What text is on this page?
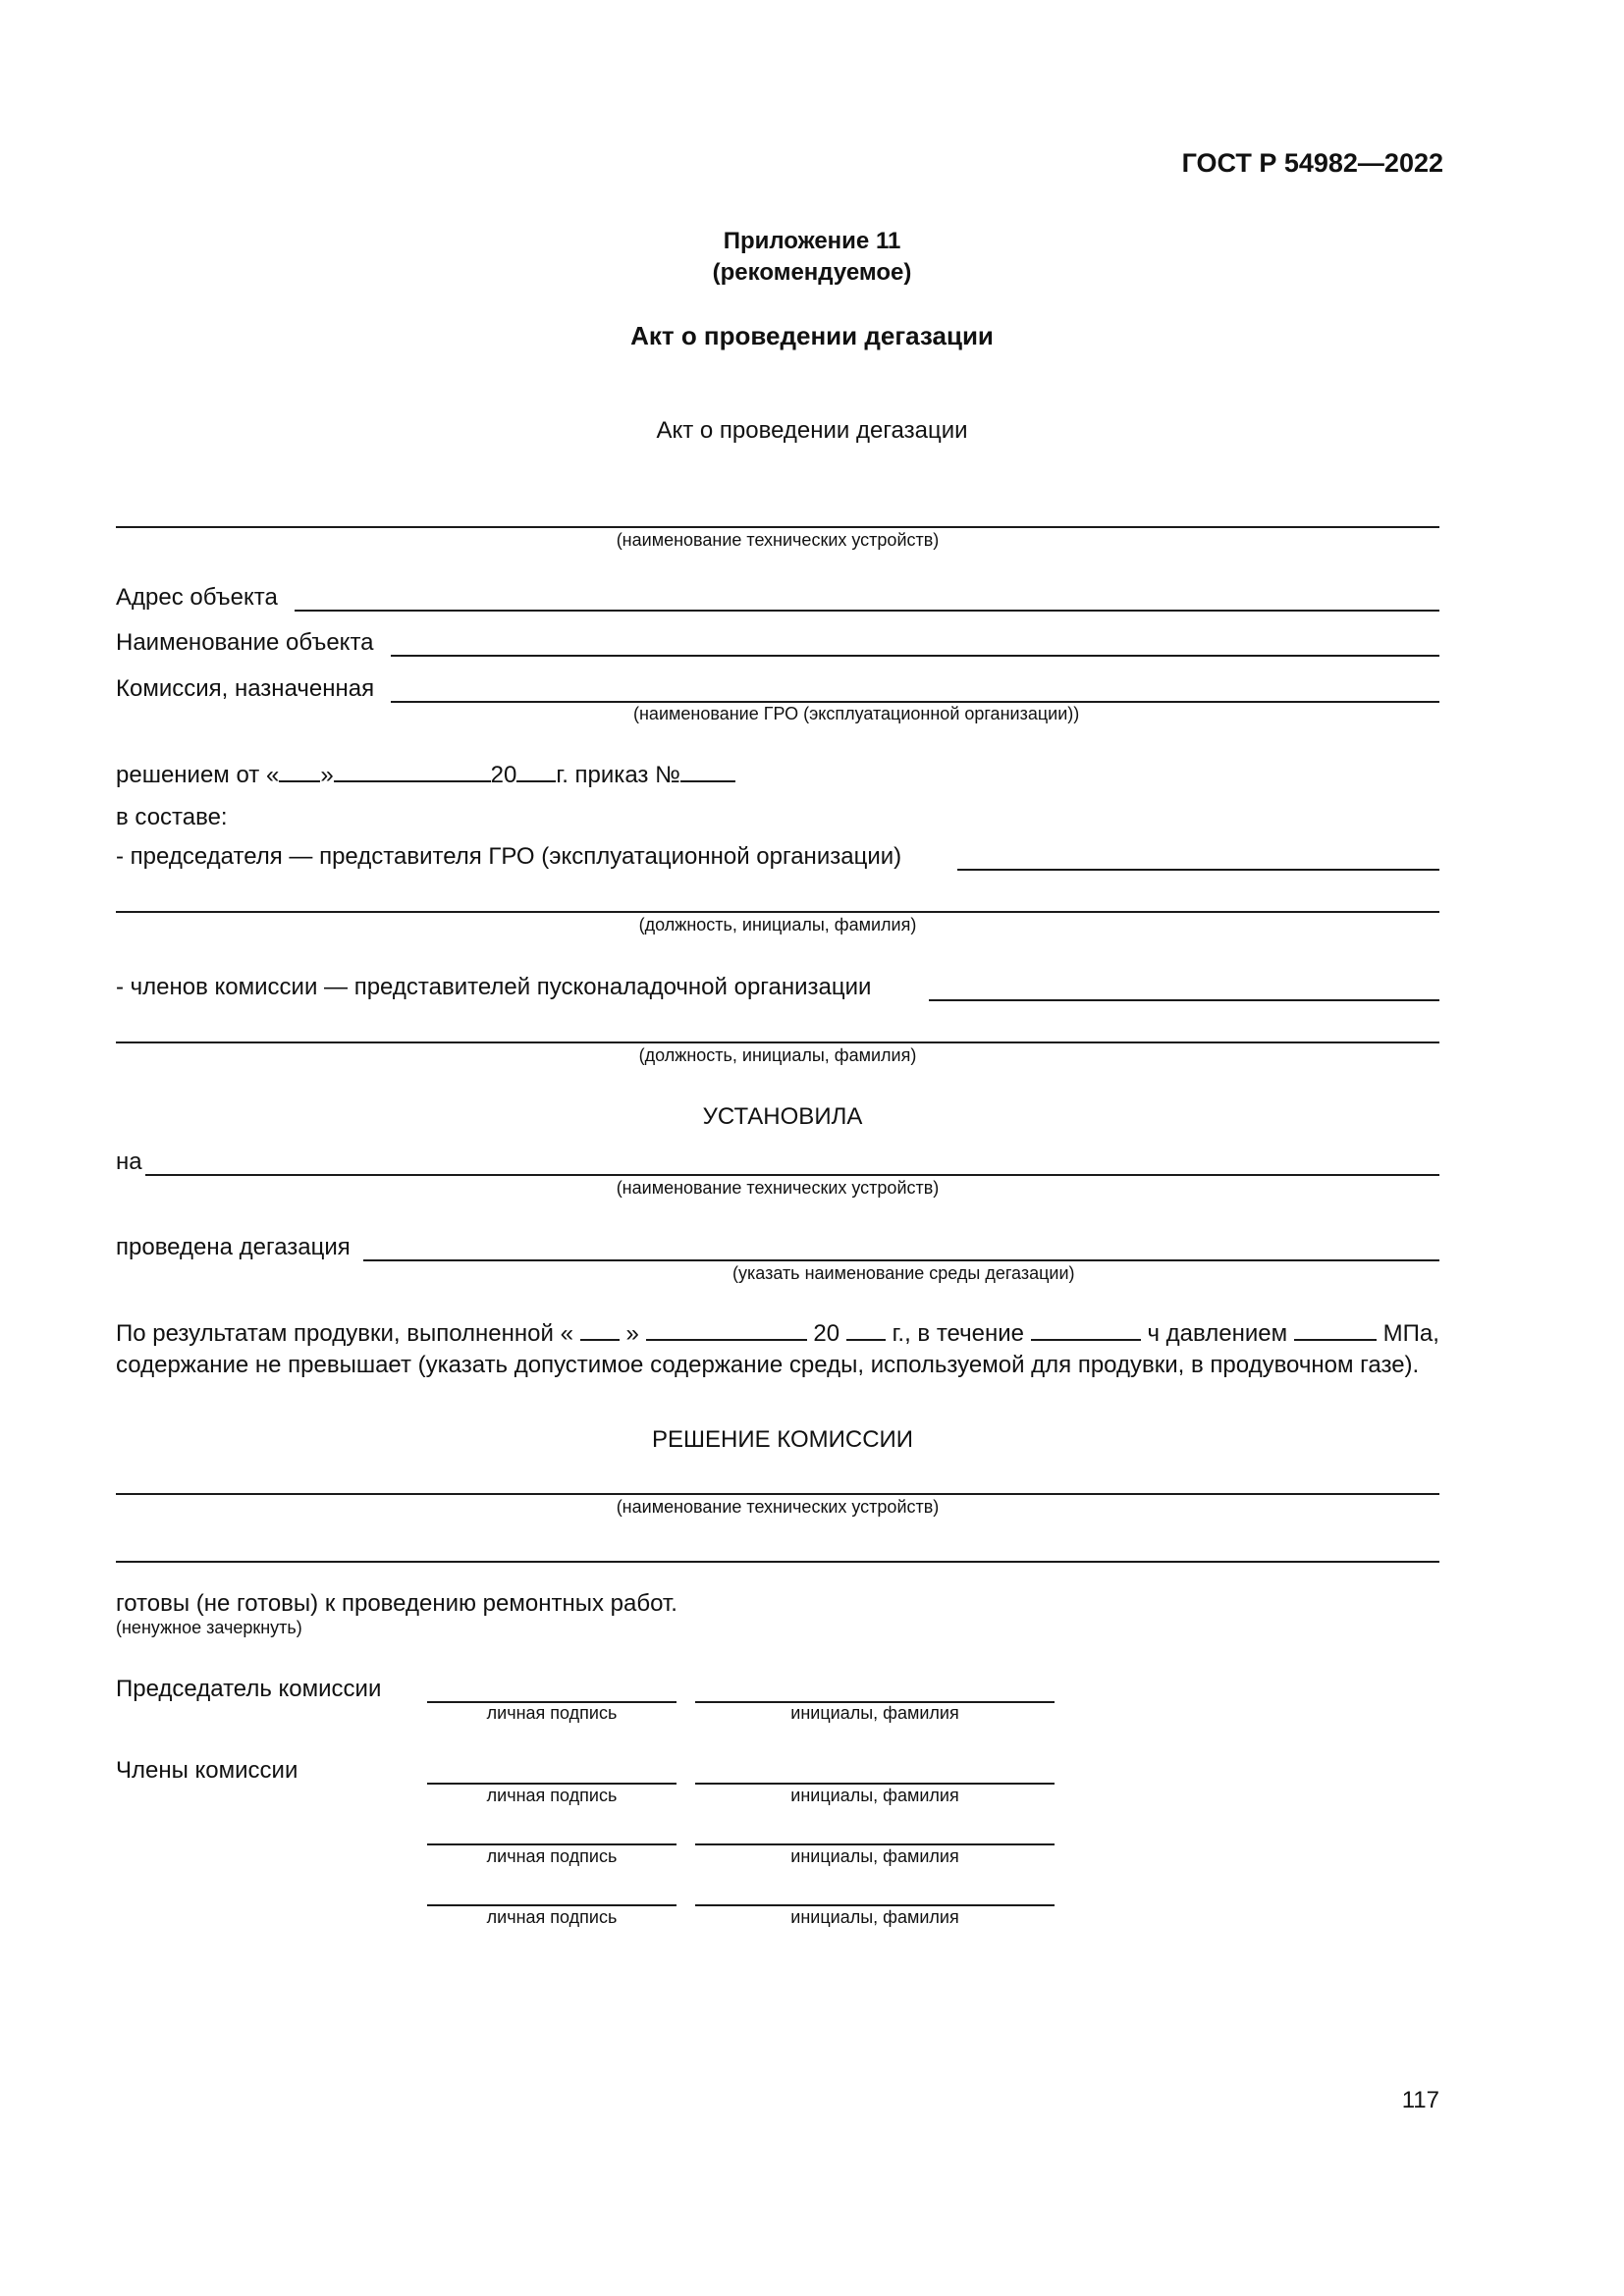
ГОСТ Р 54982—2022
Приложение 11
(рекомендуемое)
Акт о проведении дегазации
Акт о проведении дегазации
(наименование технических устройств)
Адрес объекта
Наименование объекта
Комиссия, назначенная
(наименование ГРО (эксплуатационной организации))
решением от « »	20 г. приказ №
в составе:
- председателя — представителя ГРО (эксплуатационной организации)
(должность, инициалы, фамилия)
- членов комиссии — представителей пусконаладочной организации
(должность, инициалы, фамилия)
УСТАНОВИЛА
на
(наименование технических устройств)
проведена дегазация
(указать наименование среды дегазации)
По результатам продувки, выполненной « »	20 г., в течение	ч давлением	МПа,
содержание не превышает (указать допустимое содержание среды, используемой для продувки, в продувочном газе).
РЕШЕНИЕ КОМИССИИ
(наименование технических устройств)
готовы (не готовы) к проведению ремонтных работ.
(ненужное зачеркнуть)
Председатель комиссии
личная подпись	инициалы, фамилия
Члены комиссии
личная подпись	инициалы, фамилия
личная подпись	инициалы, фамилия
личная подпись	инициалы, фамилия
117
